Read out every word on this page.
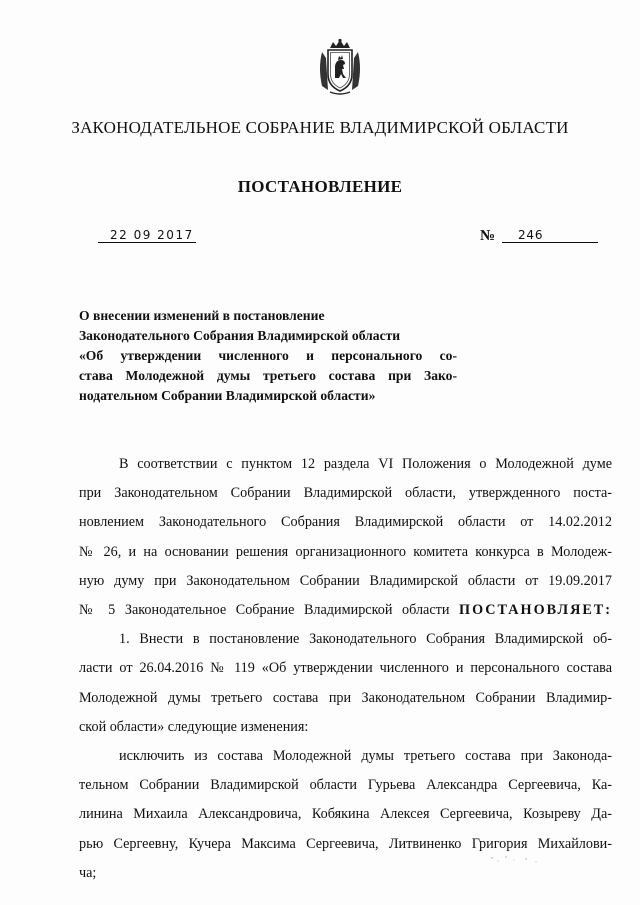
ЗАКОНОДАТЕЛЬНОЕ СОБРАНИЕ ВЛАДИМИРСКОЙ ОБЛАСТИ
ПОСТАНОВЛЕНИЕ
22 09 2017	№	246
О внесении изменений в постановление
Законодательного Собрания Владимирской области
«Об утверждении численного и персонального со-
става Молодежной думы третьего состава при Зако-
нодательном Собрании Владимирской области»
В соответствии с пунктом 12 раздела VI Положения о Молодежной думе
при Законодательном Собрании Владимирской области, утвержденного поста-
новлением Законодательного Собрания Владимирской области от 14.02.2012
№ 26, и на основании решения организационного комитета конкурса в Молодеж-
ную думу при Законодательном Собрании Владимирской области от 19.09.2017
№ 5 Законодательное Собрание Владимирской области ПОСТАНОВЛЯЕТ:
1. Внести в постановление Законодательного Собрания Владимирской об-
ласти от 26.04.2016 № 119 «Об утверждении численного и персонального состава
Молодежной думы третьего состава при Законодательном Собрании Владимир-
ской области» следующие изменения:
исключить из состава Молодежной думы третьего состава при Законода-
тельном Собрании Владимирской области Гурьева Александра Сергеевича, Ка-
линина Михаила Александровича, Кобякина Алексея Сергеевича, Козыреву Да-
рью Сергеевну, Кучера Максима Сергеевича, Литвиненко Григория Михайлови-
ча;
